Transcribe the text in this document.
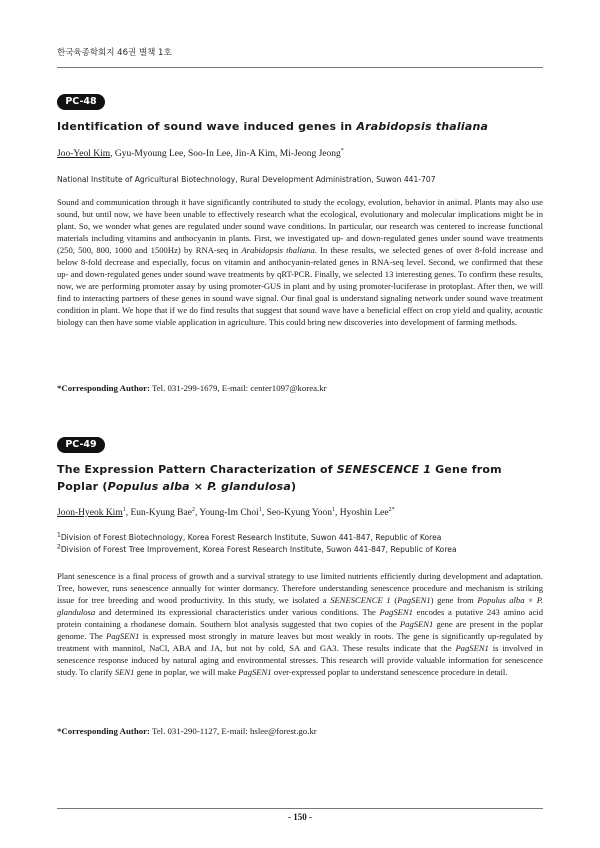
한국육종학회지 46권 별책 1호
PC-48
Identification of sound wave induced genes in Arabidopsis thaliana
Joo-Yeol Kim, Gyu-Myoung Lee, Soo-In Lee, Jin-A Kim, Mi-Jeong Jeong*
National Institute of Agricultural Biotechnology, Rural Development Administration, Suwon 441-707
Sound and communication through it have significantly contributed to study the ecology, evolution, behavior in animal. Plants may also use sound, but until now, we have been unable to effectively research what the ecological, evolutionary and molecular implications might be in plant. So, we wonder what genes are regulated under sound wave conditions. In particular, our research was centered to increase functional materials including vitamins and anthocyanin in plants. First, we investigated up- and down-regulated genes under sound wave treatments (250, 500, 800, 1000 and 1500Hz) by RNA-seq in Arabidopsis thaliana. In these results, we selected genes of over 8-fold increase and below 8-fold decrease and especially, focus on vitamin and anthocyanin-related genes in RNA-seq level. Second, we confirmed that these up- and down-regulated genes under sound wave treatments by qRT-PCR. Finally, we selected 13 interesting genes. To confirm these results, now, we are performing promoter assay by using promoter-GUS in plant and by using promoter-luciferase in protoplast. After then, we will find to interacting partners of these genes in sound wave signal. Our final goal is understand signaling network under sound wave treatment condition in plant. We hope that if we do find results that suggest that sound wave have a beneficial effect on crop yield and quality, acoustic biology can then have some viable application in agriculture. This could bring new discoveries into development of farming methods.
*Corresponding Author: Tel. 031-299-1679, E-mail: center1097@korea.kr
PC-49
The Expression Pattern Characterization of SENESCENCE 1 Gene from Poplar (Populus alba × P. glandulosa)
Joon-Hyeok Kim$^1$, Eun-Kyung Bae$^2$, Young-Im Choi$^1$, Seo-Kyung Yoon$^1$, Hyoshin Lee$^{2*}$
$^1$Division of Forest Biotechnology, Korea Forest Research Institute, Suwon 441-847, Republic of Korea
$^2$Division of Forest Tree Improvement, Korea Forest Research Institute, Suwon 441-847, Republic of Korea
Plant senescence is a final process of growth and a survival strategy to use limited nutrients efficiently during development and adaptation. Tree, however, runs senescence annually for winter dormancy. Therefore understanding senescence procedure and mechanism is striking issue for tree breeding and wood productivity. In this study, we isolated a SENESCENCE 1 (PagSEN1) gene from Populus alba × P. glandulosa and determined its expressional characteristics under various conditions. The PagSEN1 encodes a putative 243 amino acid protein containing a rhodanese domain. Southern blot analysis suggested that two copies of the PagSEN1 gene are present in the poplar genome. The PagSEN1 is expressed most strongly in mature leaves but most weakly in roots. The gene is significantly up-regulated by treatment with mannitol, NaCl, ABA and JA, but not by cold, SA and GA3. These results indicate that the PagSEN1 is involved in senescence response induced by natural aging and environmental stresses. This research will provide valuable information for senescence study. To clarify SEN1 gene in poplar, we will make PagSEN1 over-expressed poplar to understand senescence procedure in detail.
*Corresponding Author: Tel. 031-290-1127, E-mail: hslee@forest.go.kr
- 150 -
